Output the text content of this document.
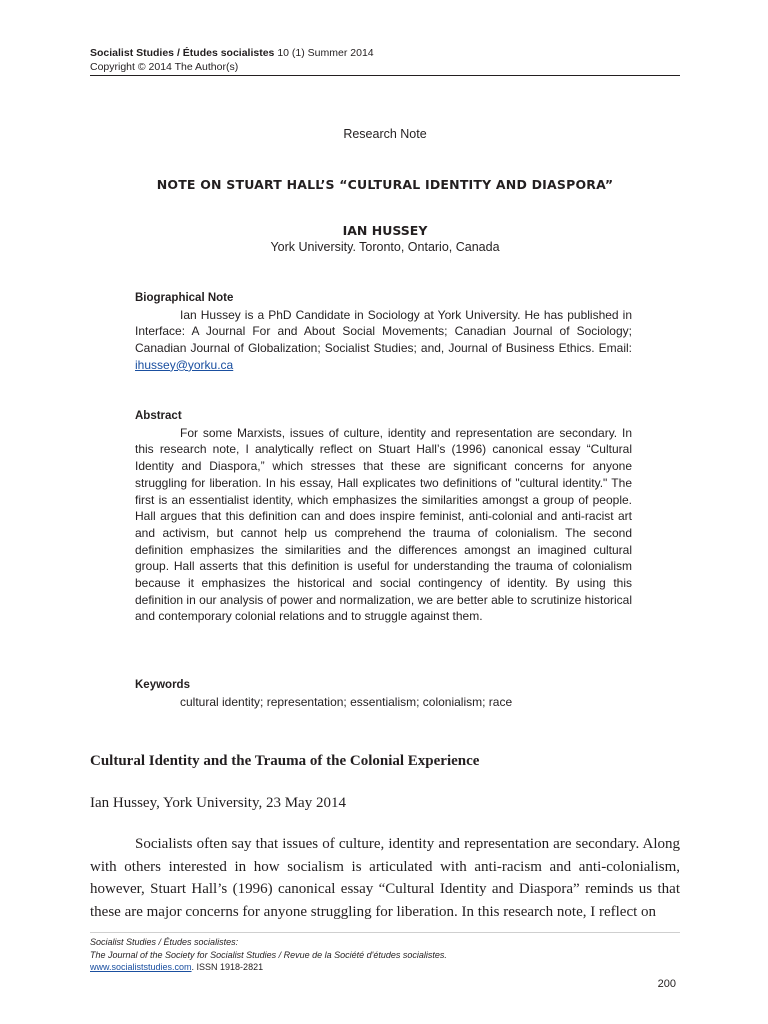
Socialist Studies / Études socialistes 10 (1) Summer 2014
Copyright © 2014 The Author(s)
Research Note
NOTE ON STUART HALL’S “CULTURAL IDENTITY AND DIASPORA”
IAN HUSSEY
York University. Toronto, Ontario, Canada
Biographical Note
Ian Hussey is a PhD Candidate in Sociology at York University. He has published in Interface: A Journal For and About Social Movements; Canadian Journal of Sociology; Canadian Journal of Globalization; Socialist Studies; and, Journal of Business Ethics. Email: ihussey@yorku.ca
Abstract
For some Marxists, issues of culture, identity and representation are secondary. In this research note, I analytically reflect on Stuart Hall’s (1996) canonical essay “Cultural Identity and Diaspora,” which stresses that these are significant concerns for anyone struggling for liberation. In his essay, Hall explicates two definitions of "cultural identity." The first is an essentialist identity, which emphasizes the similarities amongst a group of people. Hall argues that this definition can and does inspire feminist, anti-colonial and anti-racist art and activism, but cannot help us comprehend the trauma of colonialism. The second definition emphasizes the similarities and the differences amongst an imagined cultural group. Hall asserts that this definition is useful for understanding the trauma of colonialism because it emphasizes the historical and social contingency of identity. By using this definition in our analysis of power and normalization, we are better able to scrutinize historical and contemporary colonial relations and to struggle against them.
Keywords
cultural identity; representation; essentialism; colonialism; race
Cultural Identity and the Trauma of the Colonial Experience
Ian Hussey, York University, 23 May 2014
Socialists often say that issues of culture, identity and representation are secondary. Along with others interested in how socialism is articulated with anti-racism and anti-colonialism, however, Stuart Hall’s (1996) canonical essay “Cultural Identity and Diaspora” reminds us that these are major concerns for anyone struggling for liberation. In this research note, I reflect on
Socialist Studies / Études socialistes:
The Journal of the Society for Socialist Studies / Revue de la Société d'études socialistes.
www.socialiststudies.com. ISSN 1918-2821
200
